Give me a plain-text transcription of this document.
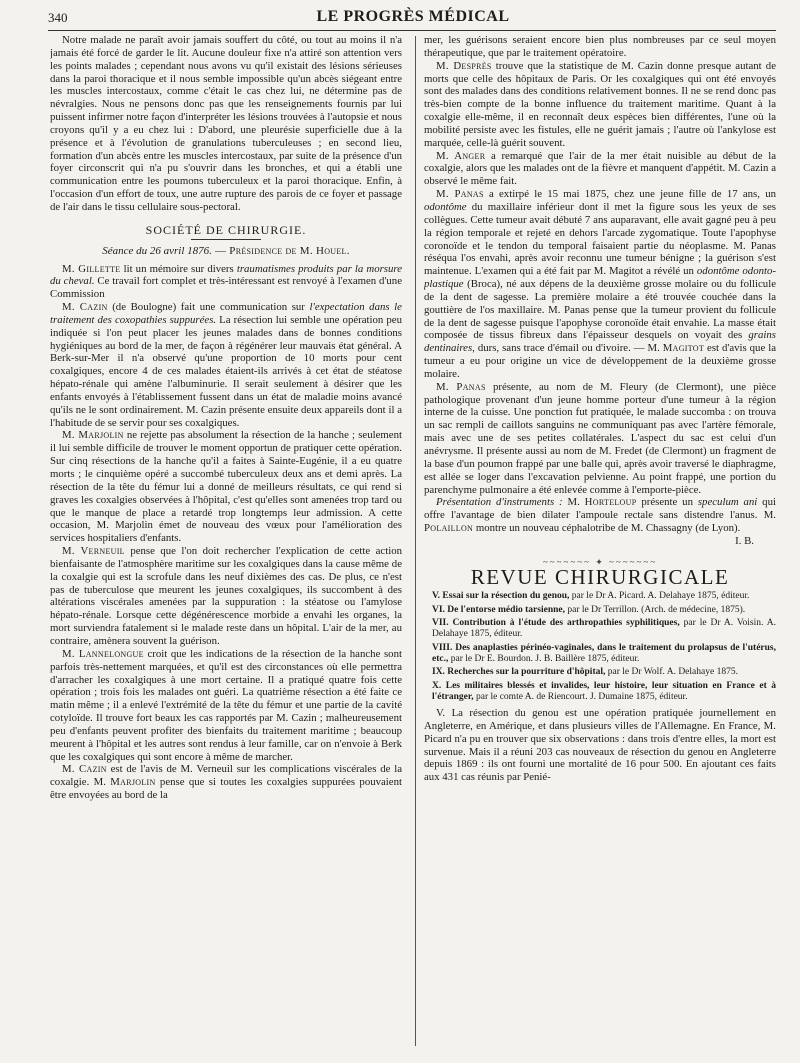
340	LE PROGRÈS MÉDICAL

Notre malade ne paraît avoir jamais souffert du côté, ou tout au moins il n'a jamais été forcé de garder le lit. Aucune douleur fixe n'a attiré son attention vers les points malades ; cependant nous avons vu qu'il existait des lésions sérieuses dans la paroi thoracique et il nous semble impossible qu'un abcès siégeant entre les muscles intercostaux, comme c'était le cas chez lui, ne détermine pas de névralgies. Nous ne pensons donc pas que les renseignements fournis par lui puissent infirmer notre façon d'interpréter les lésions trouvées à l'autopsie et nous croyons qu'il y a eu chez lui : D'abord, une pleurésie superficielle due à la présence et à l'évolution de granulations tuberculeuses ; en second lieu, formation d'un abcès entre les muscles intercostaux, par suite de la présence d'un foyer circonscrit qui n'a pu s'ouvrir dans les bronches, et qui a établi une communication entre les poumons tuberculeux et la paroi thoracique. Enfin, à l'occasion d'un effort de toux, une autre rupture des parois de ce foyer et passage de l'air dans le tissu cellulaire sous-pectoral.

SOCIÉTÉ DE CHIRURGIE.
Séance du 26 avril 1876. — Présidence de M. Houel.

M. Gillette lit un mémoire sur divers traumatismes produits par la morsure du cheval. Ce travail fort complet et très-intéressant est renvoyé à l'examen d'une Commission

M. Cazin (de Boulogne) fait une communication sur l'expectation dans le traitement des coxopathies suppurées. La résection lui semble une opération peu indiquée si l'on peut placer les jeunes malades dans de bonnes conditions hygiéniques au bord de la mer, de façon à régénérer leur mauvais état général. A Berk-sur-Mer il n'a observé qu'une proportion de 10 morts pour cent coxalgiques, encore 4 de ces malades étaient-ils arrivés à cet état de stéatose hépato-rénale qui amène l'albuminurie. Il serait seulement à désirer que les enfants envoyés à l'établissement fussent dans un état de maladie moins avancé qu'ils ne le sont ordinairement. M. Cazin présente ensuite deux appareils dont il a l'habitude de se servir pour ses coxalgiques.

M. Marjolin ne rejette pas absolument la résection de la hanche ; seulement il lui semble difficile de trouver le moment opportun de pratiquer cette opération. Sur cinq résections de la hanche qu'il a faites à Sainte-Eugénie, il a eu quatre morts ; le cinquième opéré a succombé tuberculeux deux ans et demi après. La résection de la tête du fémur lui a donné de meilleurs résultats, ce qui rend si graves les coxalgies observées à l'hôpital, c'est qu'elles sont amenées trop tard ou que le manque de place a retardé trop longtemps leur admission. A cette occasion, M. Marjolin émet de nouveau des vœux pour l'amélioration des services hospitaliers d'enfants.

M. Verneuil pense que l'on doit rechercher l'explication de cette action bienfaisante de l'atmosphère maritime sur les coxalgiques dans la cause même de la coxalgie qui est la scrofule dans les neuf dixièmes des cas. De plus, ce n'est pas de tuberculose que meurent les jeunes coxalgiques, ils succombent à des altérations viscérales amenées par la suppuration : la stéatose ou l'amylose hépato-rénale. Lorsque cette dégénérescence morbide a envahi les organes, la mort surviendra fatalement si le malade reste dans un hôpital. L'air de la mer, au contraire, amènera souvent la guérison.

M. Lannelongue croit que les indications de la résection de la hanche sont parfois très-nettement marquées, et qu'il est des circonstances où elle permettra d'arracher les coxalgiques à une mort certaine. Il a pratiqué quatre fois cette opération ; trois fois les malades ont guéri. La quatrième résection a été faite ce matin même ; il a enlevé l'extrémité de la tête du fémur et une partie de la cavité cotyloïde. Il trouve fort beaux les cas rapportés par M. Cazin ; malheureusement peu d'enfants peuvent profiter des bienfaits du traitement maritime ; beaucoup meurent à l'hôpital et les autres sont rendus à leur famille, car on n'envoie à Berk que les coxalgiques qui sont encore à même de marcher.

M. Cazin est de l'avis de M. Verneuil sur les complications viscérales de la coxalgie. M. Marjolin pense que si toutes les coxalgies suppurées pouvaient être envoyées au bord de la

mer, les guérisons seraient encore bien plus nombreuses par ce seul moyen thérapeutique, que par le traitement opératoire.

M. Desprès trouve que la statistique de M. Cazin donne presque autant de morts que celle des hôpitaux de Paris. Or les coxalgiques qui ont été envoyés sont des malades dans des conditions relativement bonnes. Il ne se rend donc pas très-bien compte de la bonne influence du traitement maritime. Quant à la coxalgie elle-même, il en reconnaît deux espèces bien différentes, l'une où la mobilité persiste avec les fistules, elle ne guérit jamais ; l'autre où l'ankylose est marquée, celle-là guérit souvent.

M. Anger a remarqué que l'air de la mer était nuisible au début de la coxalgie, alors que les malades ont de la fièvre et manquent d'appétit. M. Cazin a observé le même fait.

M. Panas a extirpé le 15 mai 1875, chez une jeune fille de 17 ans, un odontôme du maxillaire inférieur dont il met la figure sous les yeux de ses collègues. Cette tumeur avait débuté 7 ans auparavant, elle avait gagné peu à peu la région temporale et rejeté en dehors l'arcade zygomatique. Toute l'apophyse coronoïde et le tendon du temporal faisaient partie du néoplasme. M. Panas réséqua l'os envahi, après avoir reconnu une tumeur bénigne ; la guérison s'est maintenue. L'examen qui a été fait par M. Magitot a révélé un odontôme odonto-plastique (Broca), né aux dépens de la deuxième grosse molaire ou du follicule de la dent de sagesse. La première molaire a été trouvée couchée dans la gouttière de l'os maxillaire. M. Panas pense que la tumeur provient du follicule de la dent de sagesse puisque l'apophyse coronoïde était envahie. La masse était composée de tissus fibreux dans l'épaisseur desquels on voyait des grains dentinaires, durs, sans trace d'émail ou d'ivoire. — M. Magitot est d'avis que la tumeur a eu pour origine un vice de développement de la deuxième grosse molaire.

M. Panas présente, au nom de M. Fleury (de Clermont), une pièce pathologique provenant d'un jeune homme porteur d'une tumeur à la région interne de la cuisse. Une ponction fut pratiquée, le malade succomba : on trouva un sac rempli de caillots sanguins ne communiquant pas avec l'artère fémorale, mais avec une de ses petites collatérales. L'aspect du sac est celui d'un anévrysme. Il présente aussi au nom de M. Fredet (de Clermont) un fragment de la base d'un poumon frappé par une balle qui, après avoir traversé le diaphragme, est allée se loger dans l'excavation pelvienne. Au point frappé, une portion du parenchyme pulmonaire a été enlevée comme à l'emporte-pièce.

Présentation d'instruments : M. Horteloup présente un speculum ani qui offre l'avantage de bien dilater l'ampoule rectale sans distendre l'anus. M. Polaillon montre un nouveau céphalotribe de M. Chassagny (de Lyon).

I. B.

~~~~~~~ ✦ ~~~~~~~
REVUE CHIRURGICALE
V. Essai sur la résection du genou, par le Dr A. Picard. A. Delahaye 1875, éditeur.
VI. De l'entorse médio tarsienne, par le Dr Terrillon. (Arch. de médecine, 1875).
VII. Contribution à l'étude des arthropathies syphilitiques, par le Dr A. Voisin. A. Delahaye 1875, éditeur.
VIII. Des anaplasties périnéo-vaginales, dans le traitement du prolapsus de l'utérus, etc., par le Dr E. Bourdon. J. B. Baillère 1875, éditeur.
IX. Recherches sur la pourriture d'hôpital, par le Dr Wolf. A. Delahaye 1875.
X. Les militaires blessés et invalides, leur histoire, leur situation en France et à l'étranger, par le comte A. de Riencourt. J. Dumaine 1875, éditeur.

V. La résection du genou est une opération pratiquée journellement en Angleterre, en Amérique, et dans plusieurs villes de l'Allemagne. En France, M. Picard n'a pu en trouver que six observations : dans trois d'entre elles, la mort est survenue. Mais il a réuni 203 cas nouveaux de résection du genou en Angleterre depuis 1869 : ils ont fourni une mortalité de 16 pour 500. En ajoutant ces faits aux 431 cas réunis par Penié-
